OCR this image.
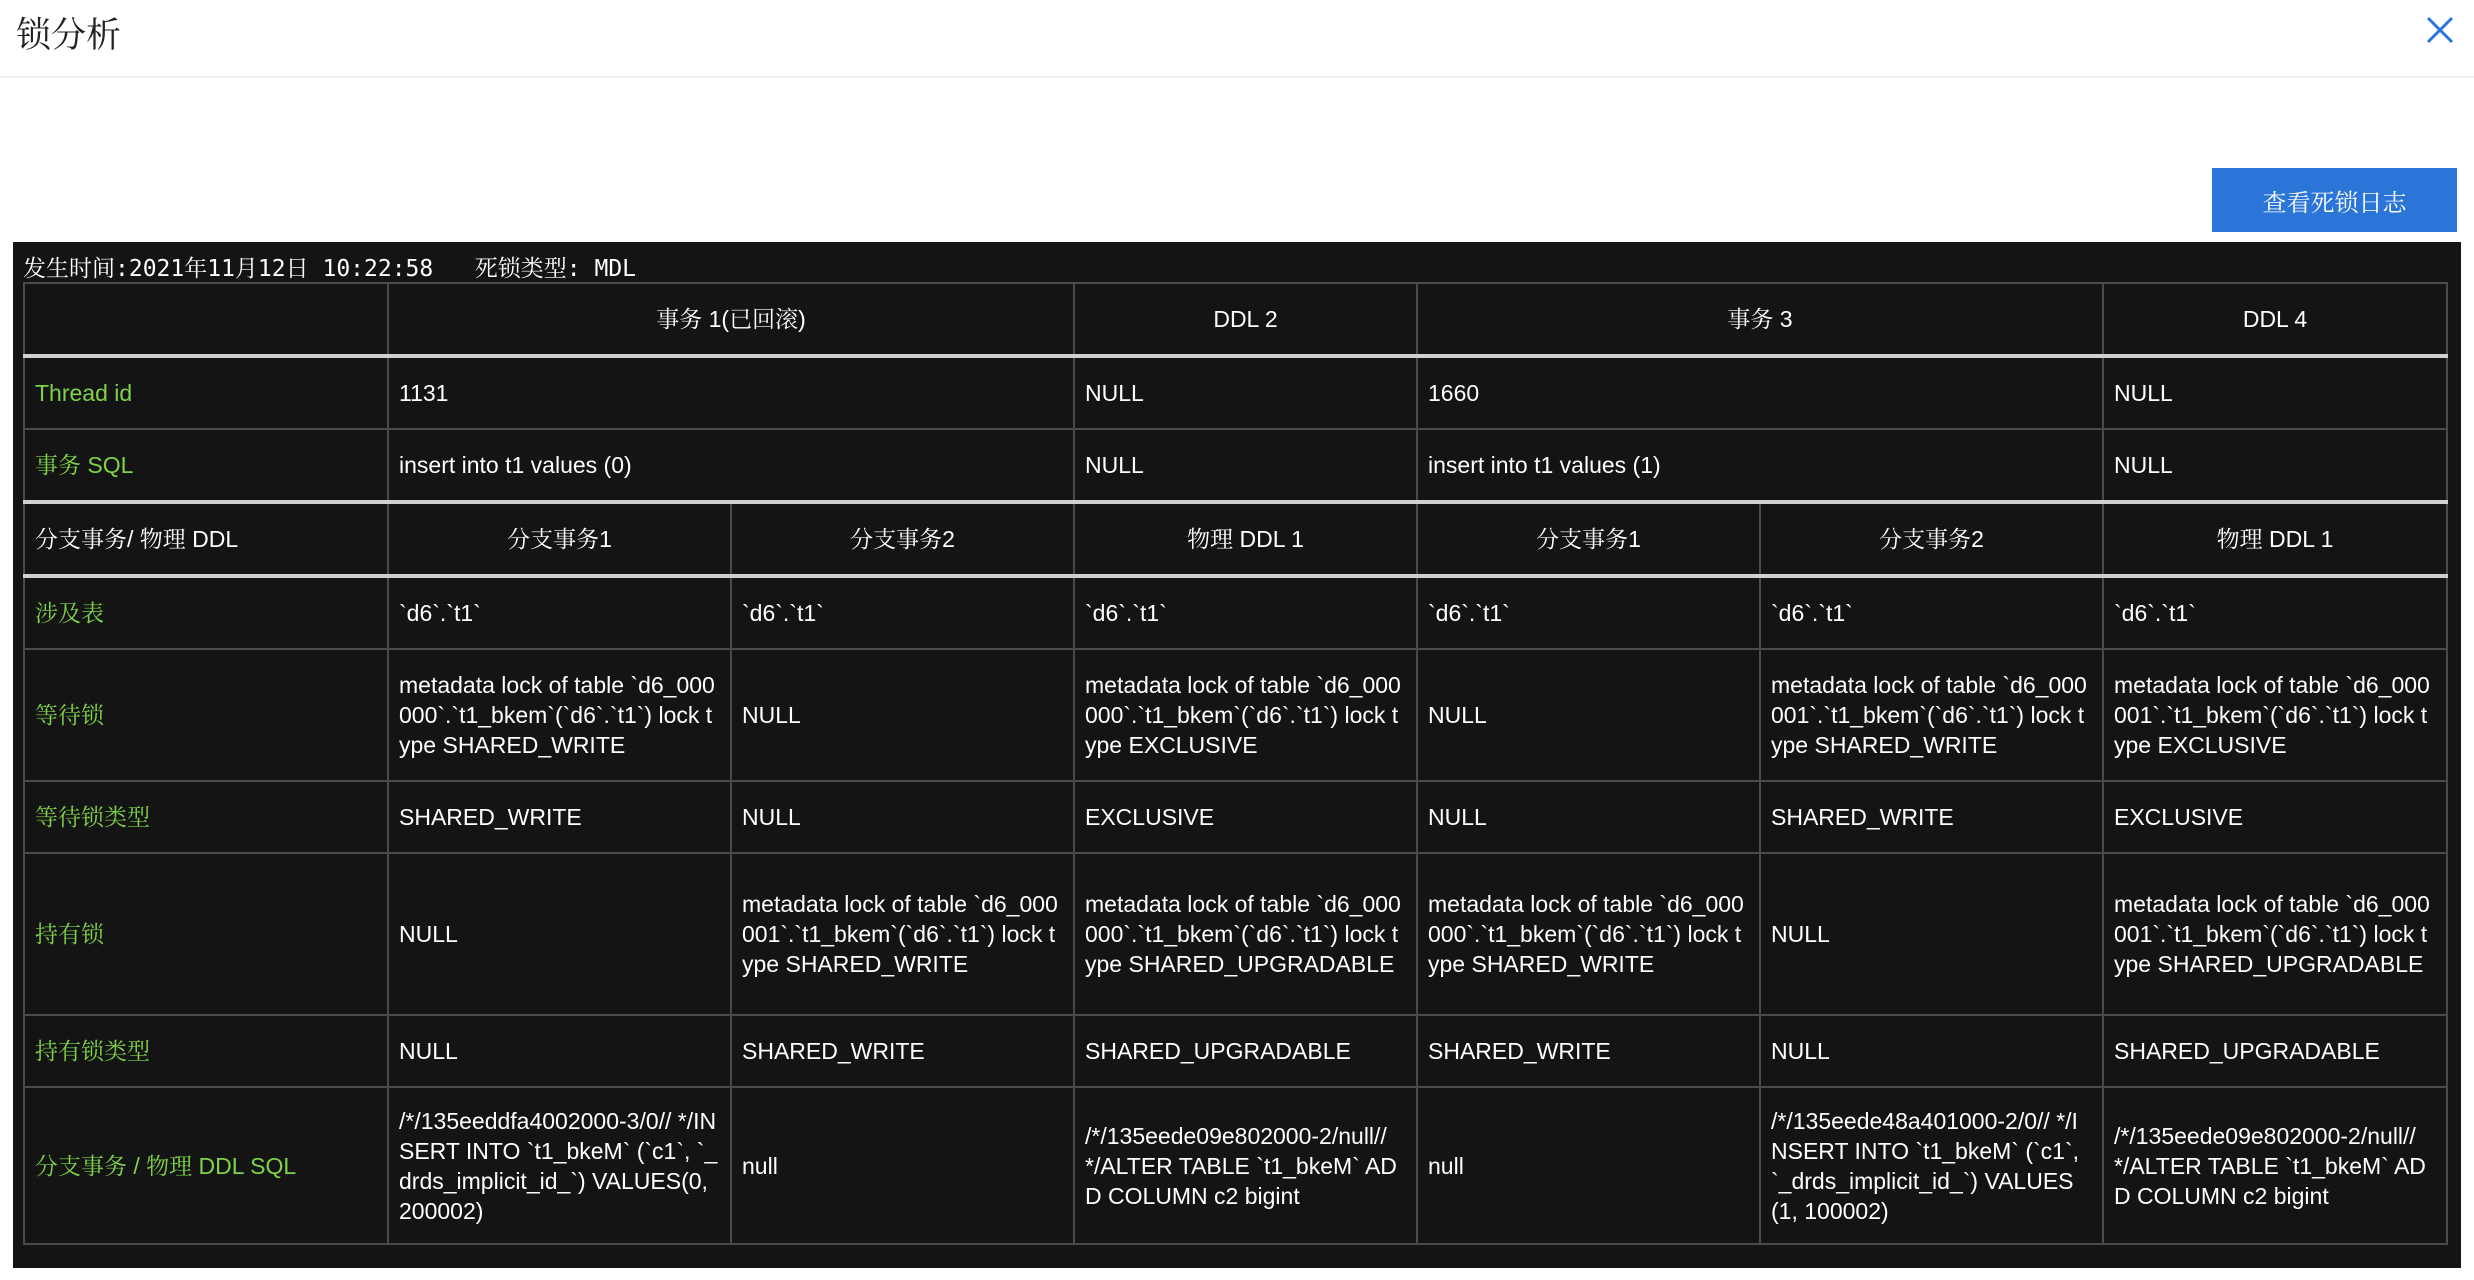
锁分析
查看死锁日志
发生时间:2021年11月12日 10:22:58   死锁类型: MDL
	事务 1(已回滚)		DDL 2	事务 3		DDL 4
Thread id	1131		NULL	1660		NULL
事务 SQL	insert into t1 values (0)		NULL	insert into t1 values (1)		NULL
分支事务/ 物理 DDL	分支事务1	分支事务2	物理 DDL 1	分支事务1	分支事务2	物理 DDL 1
涉及表	`d6`.`t1`	`d6`.`t1`	`d6`.`t1`	`d6`.`t1`	`d6`.`t1`	`d6`.`t1`
等待锁	metadata lock of table `d6_000000`.`t1_bkem`(`d6`.`t1`) lock type SHARED_WRITE	NULL	metadata lock of table `d6_000000`.`t1_bkem`(`d6`.`t1`) lock type EXCLUSIVE	NULL	metadata lock of table `d6_000001`.`t1_bkem`(`d6`.`t1`) lock type SHARED_WRITE	metadata lock of table `d6_000001`.`t1_bkem`(`d6`.`t1`) lock type EXCLUSIVE
等待锁类型	SHARED_WRITE	NULL	EXCLUSIVE	NULL	SHARED_WRITE	EXCLUSIVE
持有锁	NULL	metadata lock of table `d6_000001`.`t1_bkem`(`d6`.`t1`) lock type SHARED_WRITE	metadata lock of table `d6_000000`.`t1_bkem`(`d6`.`t1`) lock type SHARED_UPGRADABLE	metadata lock of table `d6_000000`.`t1_bkem`(`d6`.`t1`) lock type SHARED_WRITE	NULL	metadata lock of table `d6_000001`.`t1_bkem`(`d6`.`t1`) lock type SHARED_UPGRADABLE
持有锁类型	NULL	SHARED_WRITE	SHARED_UPGRADABLE	SHARED_WRITE	NULL	SHARED_UPGRADABLE
分支事务 / 物理 DDL SQL	/*/135eeddfa4002000-3/0// */INSERT INTO `t1_bkeM` (`c1`, `_drds_implicit_id_`) VALUES(0, 200002)	null	/*/135eede09e802000-2/null// */ALTER TABLE `t1_bkeM` ADD COLUMN c2 bigint	null	/*/135eede48a401000-2/0// */INSERT INTO `t1_bkeM` (`c1`, `_drds_implicit_id_`) VALUES(1, 100002)	/*/135eede09e802000-2/null// */ALTER TABLE `t1_bkeM` ADD COLUMN c2 bigint
